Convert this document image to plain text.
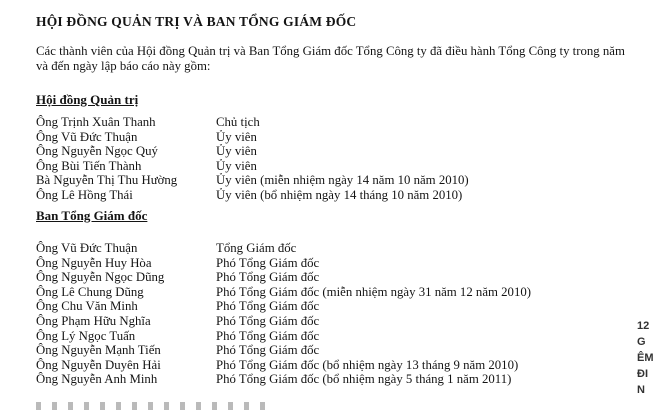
HỘI ĐỒNG QUẢN TRỊ VÀ BAN TỔNG GIÁM ĐỐC
Các thành viên của Hội đồng Quản trị và Ban Tổng Giám đốc Tổng Công ty đã điều hành Tổng Công ty trong năm và đến ngày lập báo cáo này gồm:
Hội đồng Quản trị
Ông Trịnh Xuân Thanh	Chủ tịch
Ông Vũ Đức Thuận	Ủy viên
Ông Nguyễn Ngọc Quý	Ủy viên
Ông Bùi Tiến Thành	Ủy viên
Bà Nguyễn Thị Thu Hường	Ủy viên (miễn nhiệm ngày 14 năm 10 năm 2010)
Ông Lê Hồng Thái	Ủy viên (bổ nhiệm ngày 14 tháng 10 năm 2010)
Ban Tổng Giám đốc
Ông Vũ Đức Thuận	Tổng Giám đốc
Ông Nguyễn Huy Hòa	Phó Tổng Giám đốc
Ông Nguyễn Ngọc Dũng	Phó Tổng Giám đốc
Ông Lê Chung Dũng	Phó Tổng Giám đốc (miễn nhiệm ngày 31 năm 12 năm 2010)
Ông Chu Văn Minh	Phó Tổng Giám đốc
Ông Phạm Hữu Nghĩa	Phó Tổng Giám đốc
Ông Lý Ngọc Tuấn	Phó Tổng Giám đốc
Ông Nguyễn Mạnh Tiến	Phó Tổng Giám đốc
Ông Nguyễn Duyên Hải	Phó Tổng Giám đốc (bổ nhiệm ngày 13 tháng 9 năm 2010)
Ông Nguyễn Anh Minh	Phó Tổng Giám đốc (bổ nhiệm ngày 5 tháng 1 năm 2011)
12
G
ÊM
ĐI
N
